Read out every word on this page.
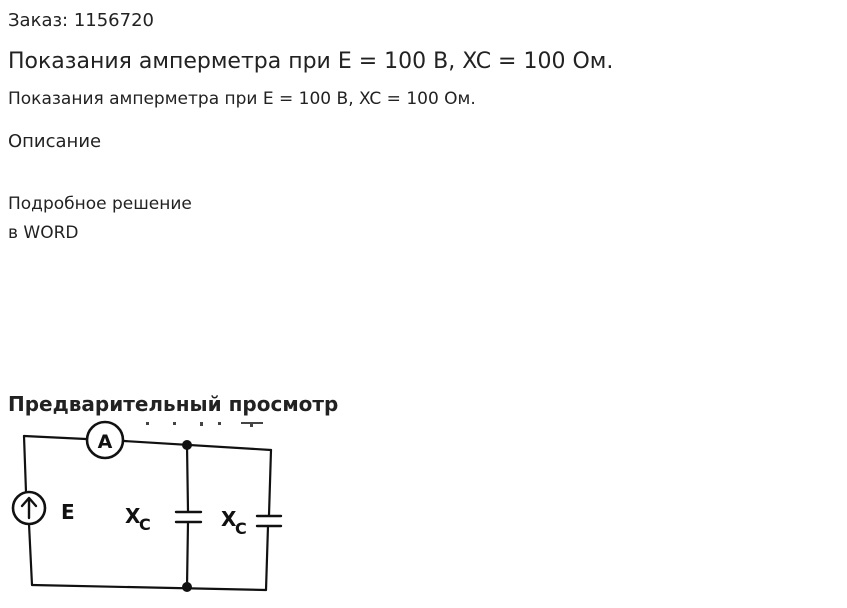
Заказ: 1156720
Показания амперметра при E = 100 В, XC = 100 Ом.

Показания амперметра при E = 100 В, XC = 100 Ом.

Описание
Подробное решение
в WORD
Предварительный просмотр
A
E	X
C	X
C
